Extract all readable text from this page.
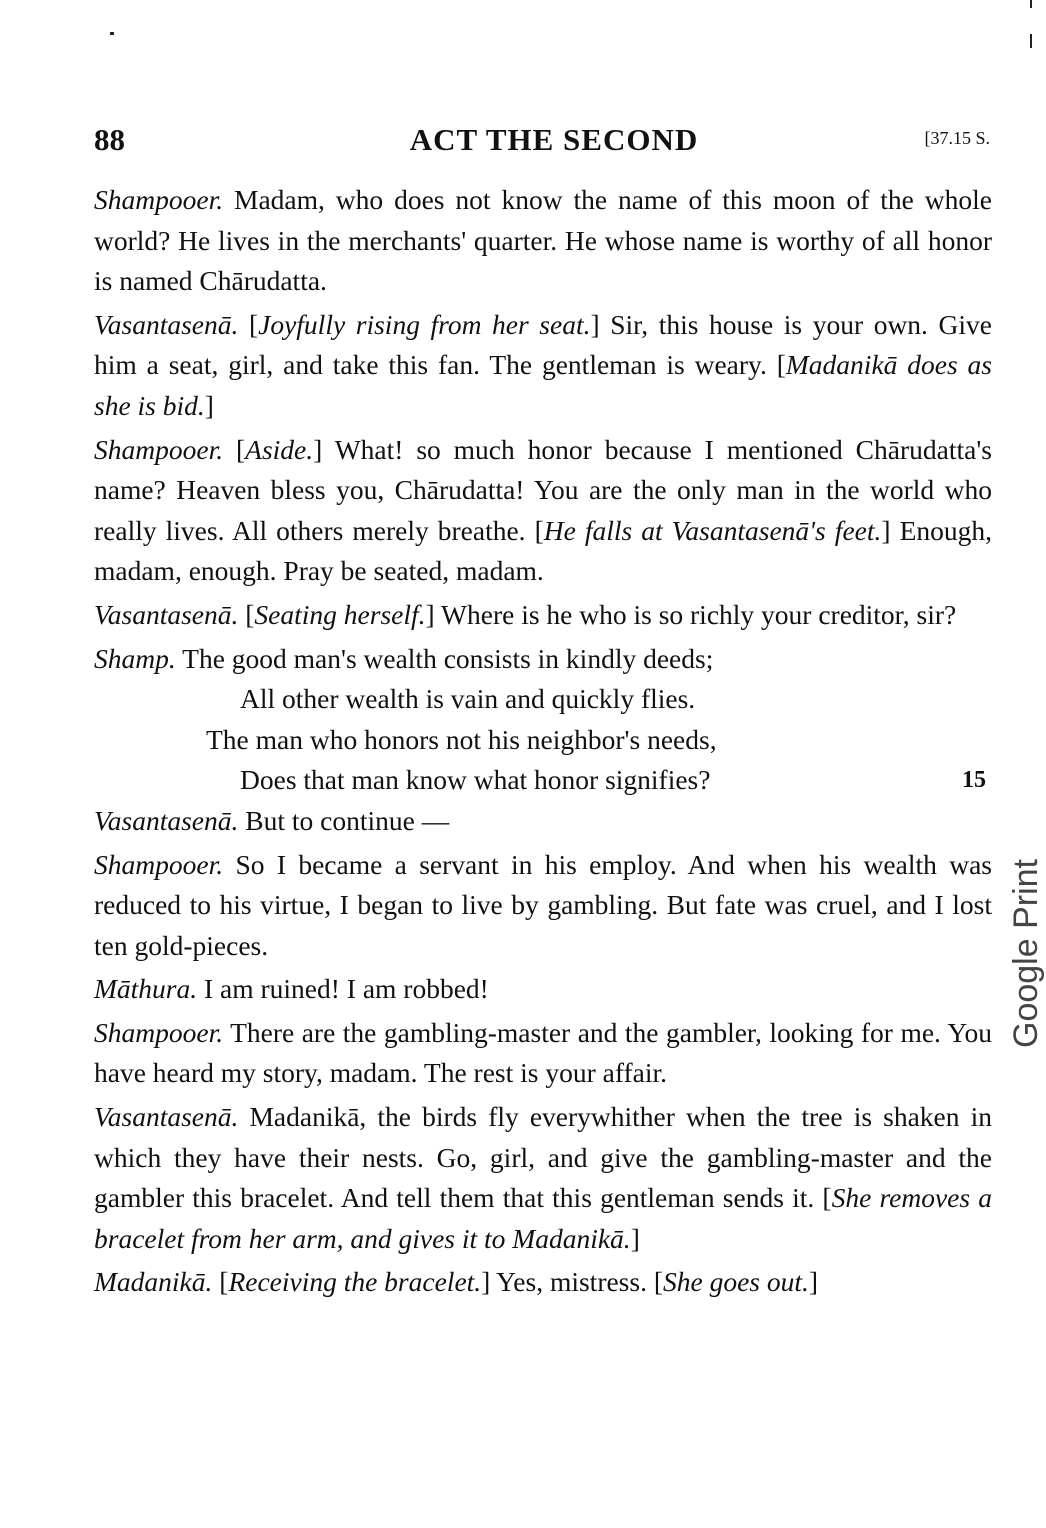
88	ACT THE SECOND	[37.15 S.

Shampooer. Madam, who does not know the name of this moon of the whole world? He lives in the merchants' quarter. He whose name is worthy of all honor is named Chārudatta.

Vasantasenā. [Joyfully rising from her seat.] Sir, this house is your own. Give him a seat, girl, and take this fan. The gentleman is weary. [Madanikā does as she is bid.]

Shampooer. [Aside.] What! so much honor because I mentioned Chārudatta's name? Heaven bless you, Chārudatta! You are the only man in the world who really lives. All others merely breathe. [He falls at Vasantasenā's feet.] Enough, madam, enough. Pray be seated, madam.

Vasantasenā. [Seating herself.] Where is he who is so richly your creditor, sir?

Shamp. The good man's wealth consists in kindly deeds;

All other wealth is vain and quickly flies.

The man who honors not his neighbor's needs,

Does that man know what honor signifies?	15

Vasantasenā. But to continue —

Shampooer. So I became a servant in his employ. And when his wealth was reduced to his virtue, I began to live by gambling. But fate was cruel, and I lost ten gold-pieces.

Māthura. I am ruined! I am robbed!

Shampooer. There are the gambling-master and the gambler, looking for me. You have heard my story, madam. The rest is your affair.

Vasantasenā. Madanikā, the birds fly everywhither when the tree is shaken in which they have their nests. Go, girl, and give the gambling-master and the gambler this bracelet. And tell them that this gentleman sends it. [She removes a bracelet from her arm, and gives it to Madanikā.]

Madanikā. [Receiving the bracelet.] Yes, mistress. [She goes out.]

Google Print
